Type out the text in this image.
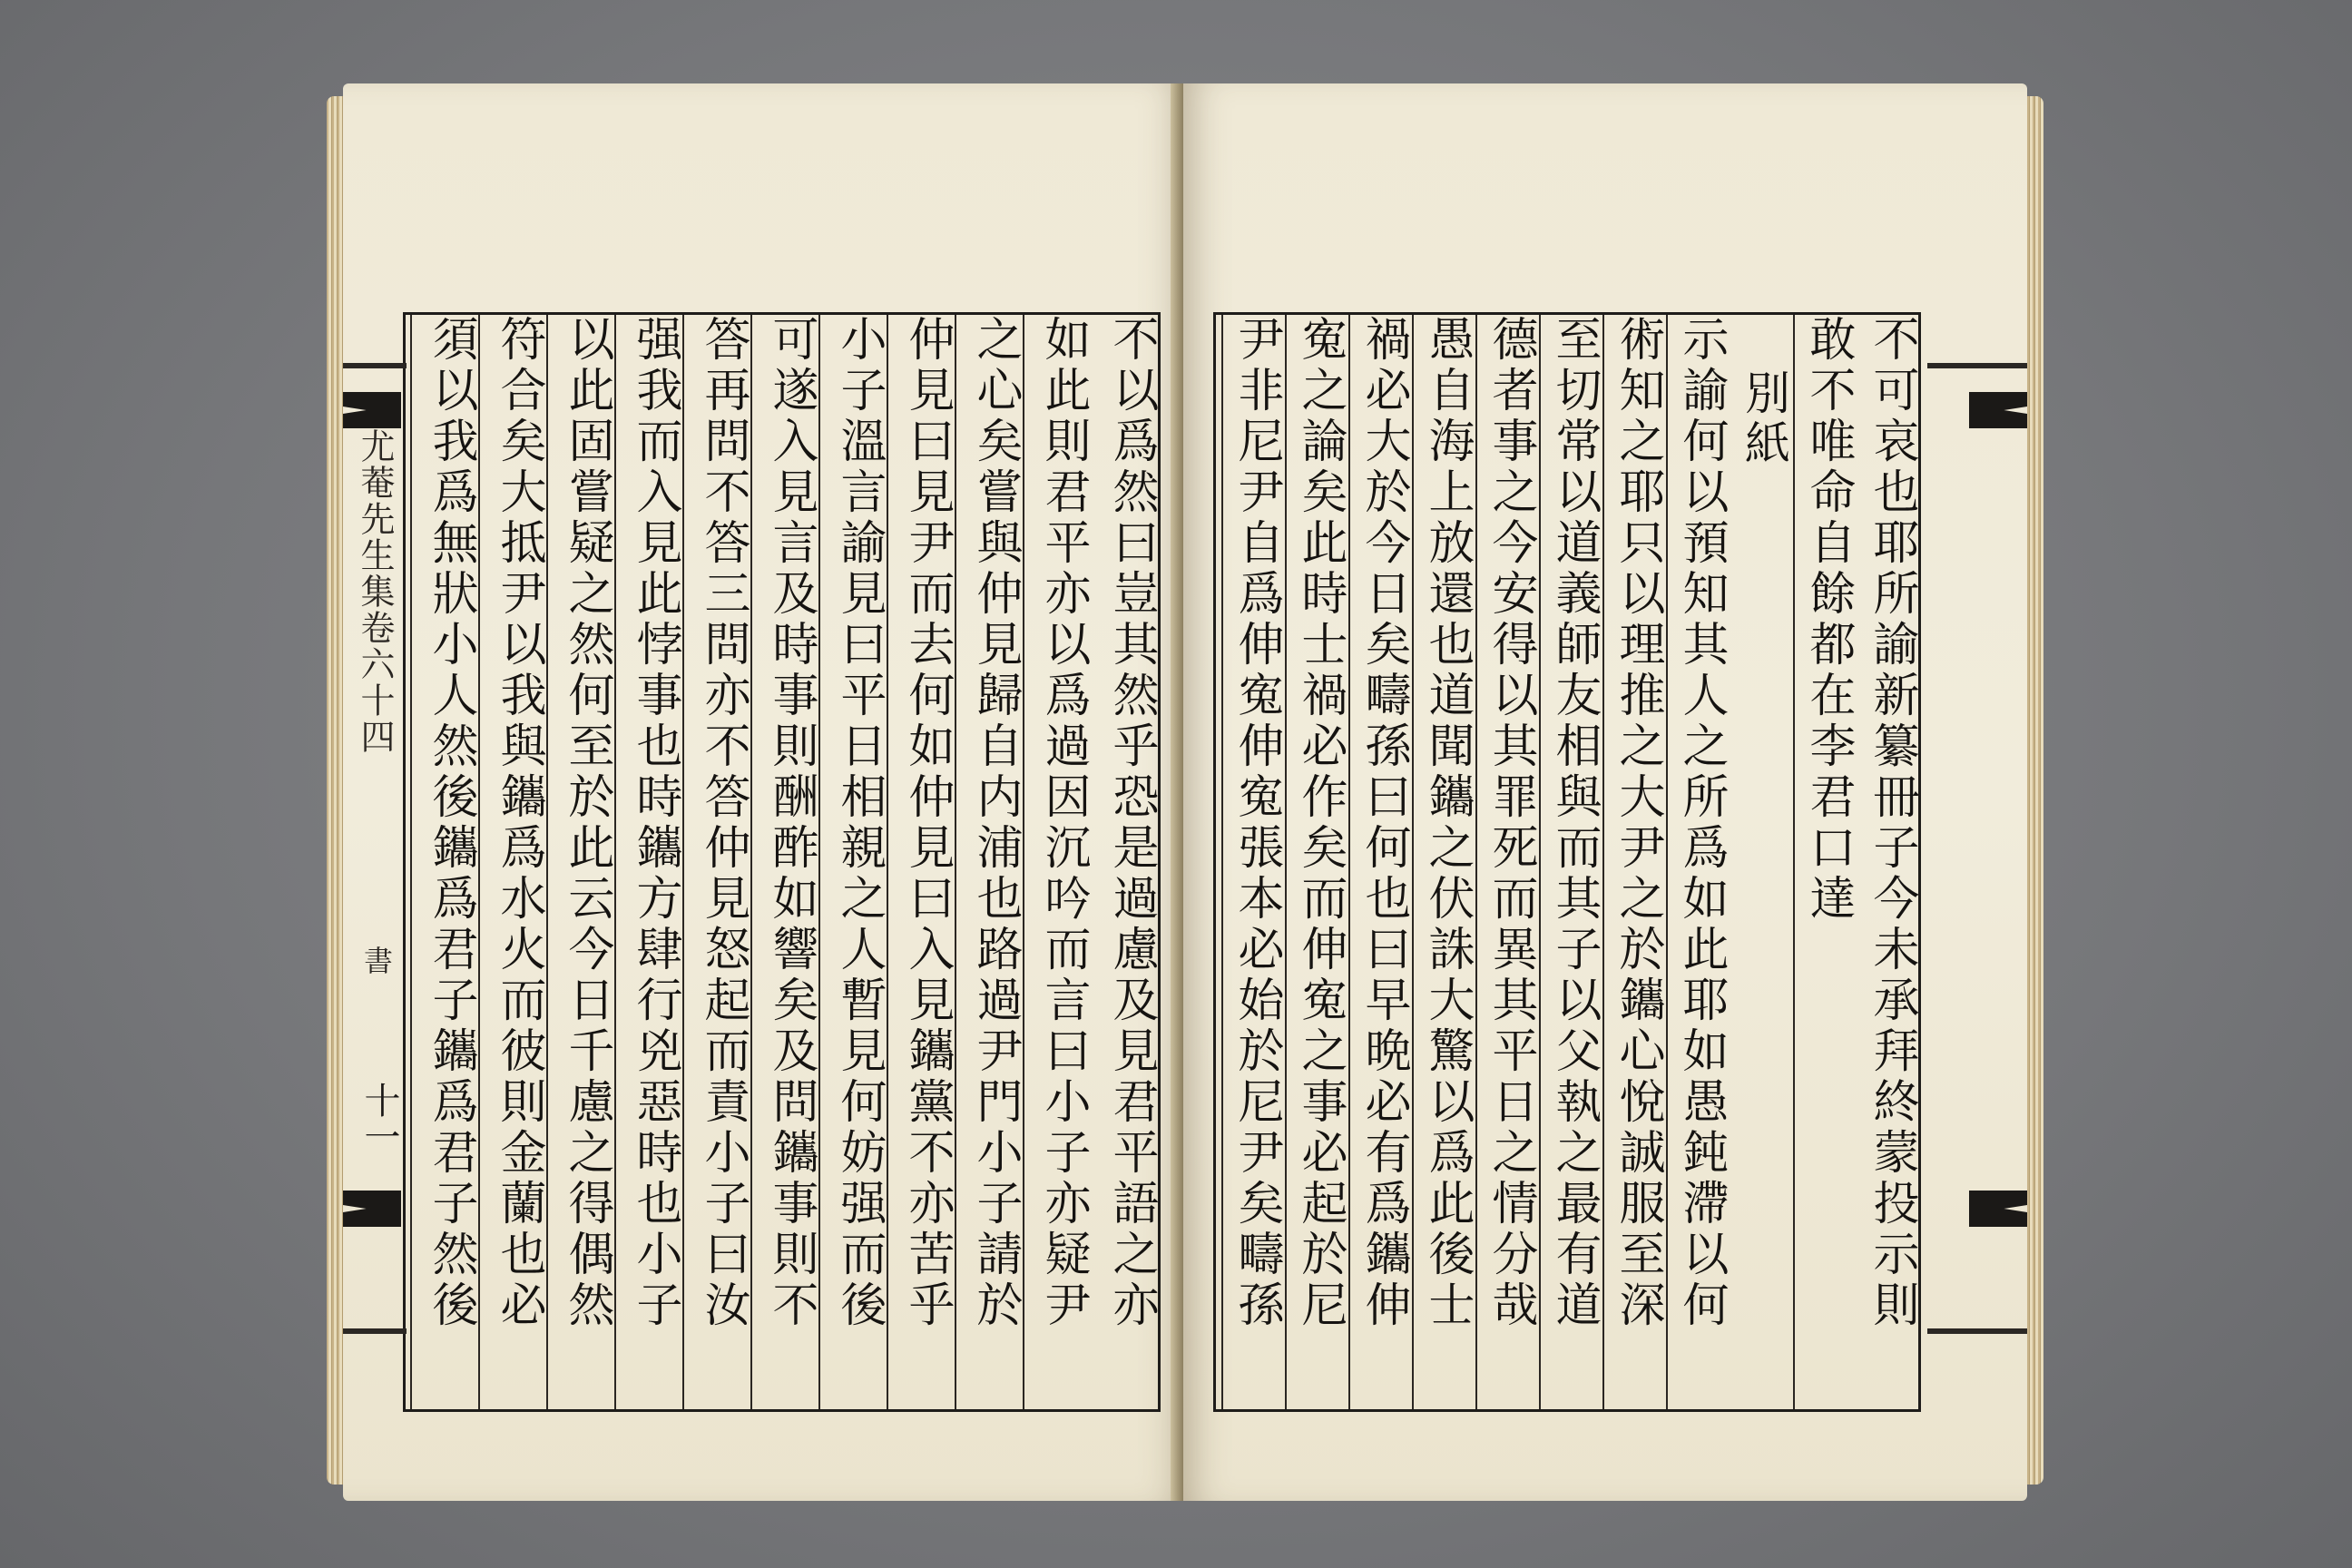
不以爲然曰豈其然乎恐是過慮及見君平語之亦
如此則君平亦以爲過因沉吟而言曰小子亦疑尹
之心矣嘗與仲見歸自内浦也路過尹門小子請於
仲見曰見尹而去何如仲見曰入見鑴黨不亦苦乎
小子溫言諭見曰平日相親之人暫見何妨强而後
可遂入見言及時事則酬酢如響矣及問鑴事則不
答再問不答三問亦不答仲見怒起而責小子曰汝
强我而入見此悖事也時鑴方肆行兇惡時也小子
以此固嘗疑之然何至於此云今日千慮之得偶然
符合矣大抵尹以我與鑴爲水火而彼則金蘭也必
須以我爲無狀小人然後鑴爲君子鑴爲君子然後
尤菴先生集卷六十四
書
十一	不可哀也耶所諭新纂冊子今未承拜終蒙投示則
敢不唯命自餘都在李君口達
別紙
示諭何以預知其人之所爲如此耶如愚鈍滯以何
術知之耶只以理推之大尹之於鑴心悅誠服至深
至切常以道義師友相與而其子以父執之最有道
德者事之今安得以其罪死而異其平日之情分哉
愚自海上放還也道聞鑴之伏誅大驚以爲此後士
禍必大於今日矣疇孫曰何也曰早晩必有爲鑴伸
寃之論矣此時士禍必作矣而伸寃之事必起於尼
尹非尼尹自爲伸寃伸寃張本必始於尼尹矣疇孫
